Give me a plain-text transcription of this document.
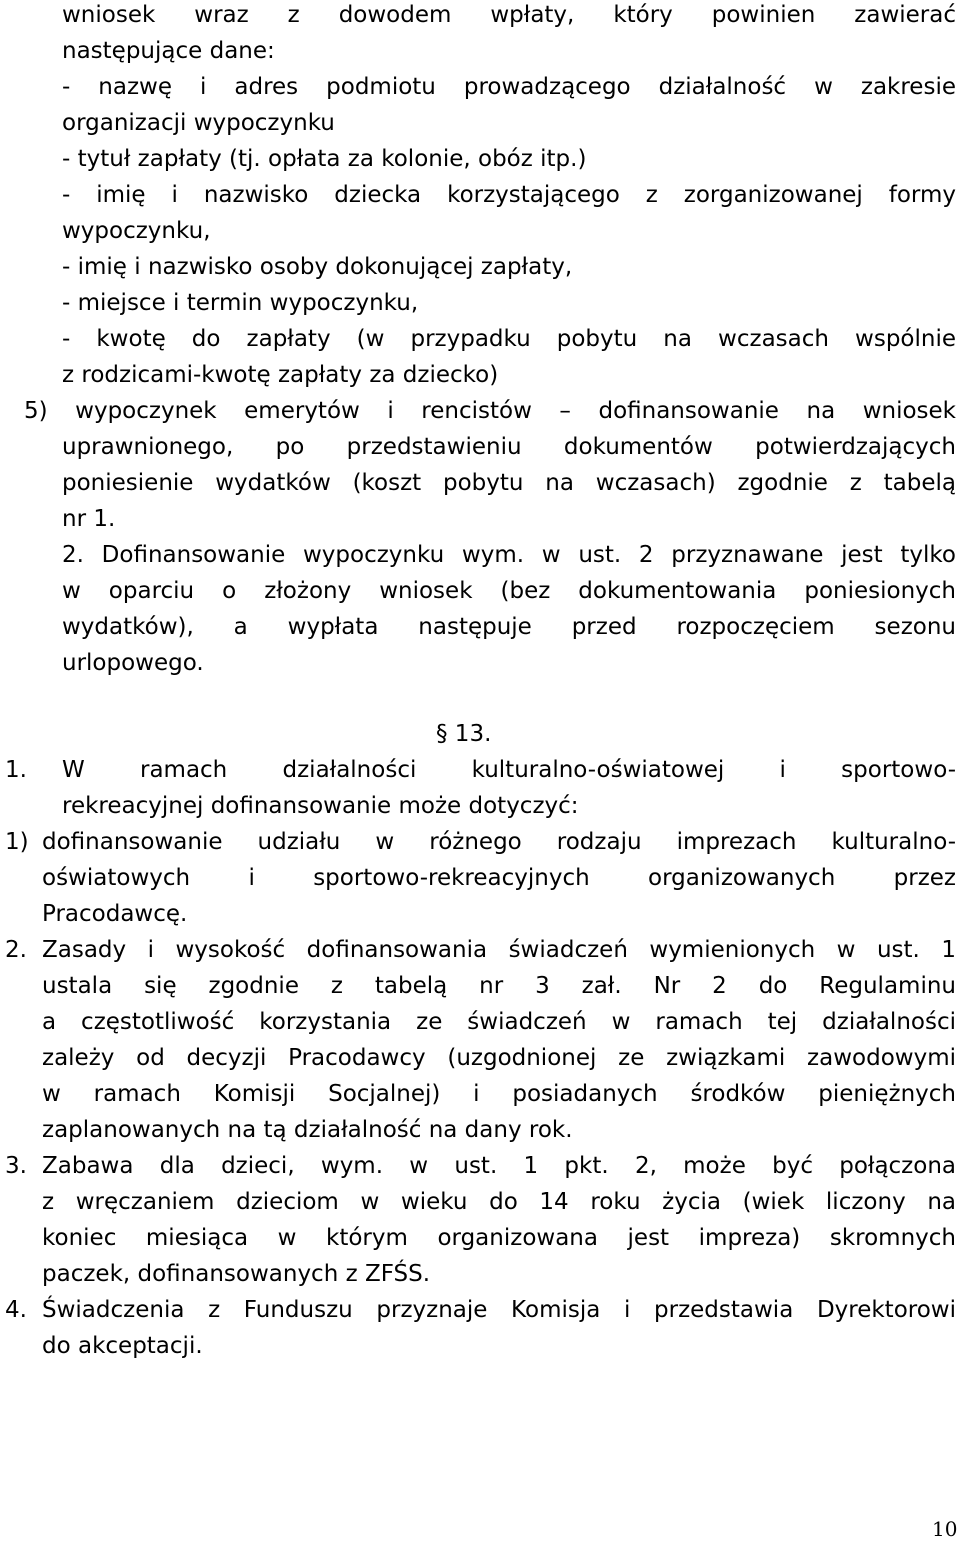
wniosek wraz z dowodem wpłaty, który powinien zawierać
następujące dane:
- nazwę i adres podmiotu prowadzącego działalność w zakresie
organizacji wypoczynku
- tytuł zapłaty (tj. opłata za kolonie, obóz itp.)
- imię i nazwisko dziecka korzystającego z zorganizowanej formy
wypoczynku,
- imię i nazwisko osoby dokonującej zapłaty,
- miejsce i termin wypoczynku,
- kwotę do zapłaty (w przypadku pobytu na wczasach wspólnie
z rodzicami-kwotę zapłaty za dziecko)
5) wypoczynek emerytów i rencistów – dofinansowanie na wniosek
uprawnionego, po przedstawieniu dokumentów potwierdzających
poniesienie wydatków (koszt pobytu na wczasach) zgodnie z tabelą
nr 1.
2. Dofinansowanie wypoczynku wym. w ust. 2 przyznawane jest tylko
w oparciu o złożony wniosek (bez dokumentowania poniesionych
wydatków), a wypłata następuje przed rozpoczęciem sezonu
urlopowego.
§ 13.
1. W ramach działalności kulturalno-oświatowej i sportowo-
rekreacyjnej dofinansowanie może dotyczyć:
1) dofinansowanie udziału w różnego rodzaju imprezach kulturalno-
oświatowych i sportowo-rekreacyjnych organizowanych przez
Pracodawcę.
2. Zasady i wysokość dofinansowania świadczeń wymienionych w ust. 1
ustala się zgodnie z tabelą nr 3 zał. Nr 2 do Regulaminu
a częstotliwość korzystania ze świadczeń w ramach tej działalności
zależy od decyzji Pracodawcy (uzgodnionej ze związkami zawodowymi
w ramach Komisji Socjalnej) i posiadanych środków pieniężnych
zaplanowanych na tą działalność na dany rok.
3. Zabawa dla dzieci, wym. w ust. 1 pkt. 2, może być połączona
z wręczaniem dzieciom w wieku do 14 roku życia (wiek liczony na
koniec miesiąca w którym organizowana jest impreza) skromnych
paczek, dofinansowanych z ZFŚS.
4. Świadczenia z Funduszu przyznaje Komisja i przedstawia Dyrektorowi
do akceptacji.
10
